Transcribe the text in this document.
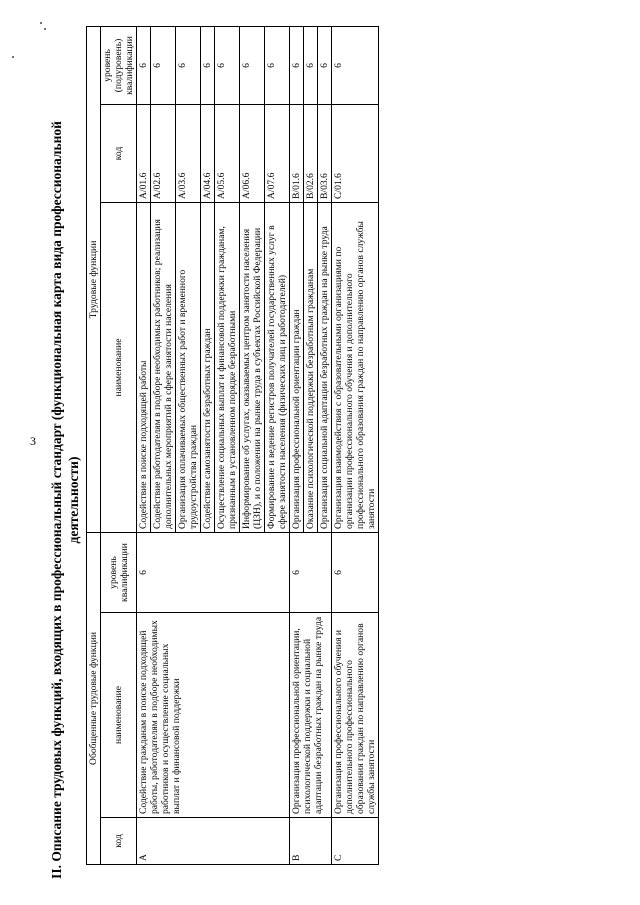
3 II. Описание трудовых функций, входящих в профессиональный стандарт (функциональная карта вида профессиональной деятельности)
Обобщенные трудовые функции			Трудовые функции		
код	наименование	уровень квалификации	наименование	код	уровень (подуровень) квалификации
A	Содействие гражданам в поиске подходящей работы, работодателям в подборе необходимых работников и осуществление социальных выплат и финансовой поддержки	6	Содействие в поиске подходящей работы	A/01.6	6
			Содействие работодателям в подборе необходимых работников; реализация дополнительных мероприятий в сфере занятости населения	A/02.6	6
			Организация оплачиваемых общественных работ и временного трудоустройства граждан	A/03.6	6
			Содействие самозанятости безработных граждан	A/04.6	6
			Осуществление социальных выплат и финансовой поддержки гражданам, признанным в установленном порядке безработными	A/05.6	6
			Информирование об услугах, оказываемых центром занятости населения (ЦЗН), и о положении на рынке труда в субъектах Российской Федерации	A/06.6	6
			Формирование и ведение регистров получателей государственных услуг в сфере занятости населения (физических лиц и работодателей)	A/07.6	6
B	Организация профессиональной ориентации, психологической поддержки и социальной адаптации безработных граждан на рынке труда	6	Организация профессиональной ориентации граждан	B/01.6	6
			Оказание психологической поддержки безработным гражданам	B/02.6	6
			Организация социальной адаптации безработных граждан на рынке труда	B/03.6	6
C	Организация профессионального обучения и дополнительного профессионального образования граждан по направлению органов службы занятости	6	Организация взаимодействия с образовательными организациями по организации профессионального обучения и дополнительного профессионального образования граждан по направлению органов службы занятости	C/01.6	6
